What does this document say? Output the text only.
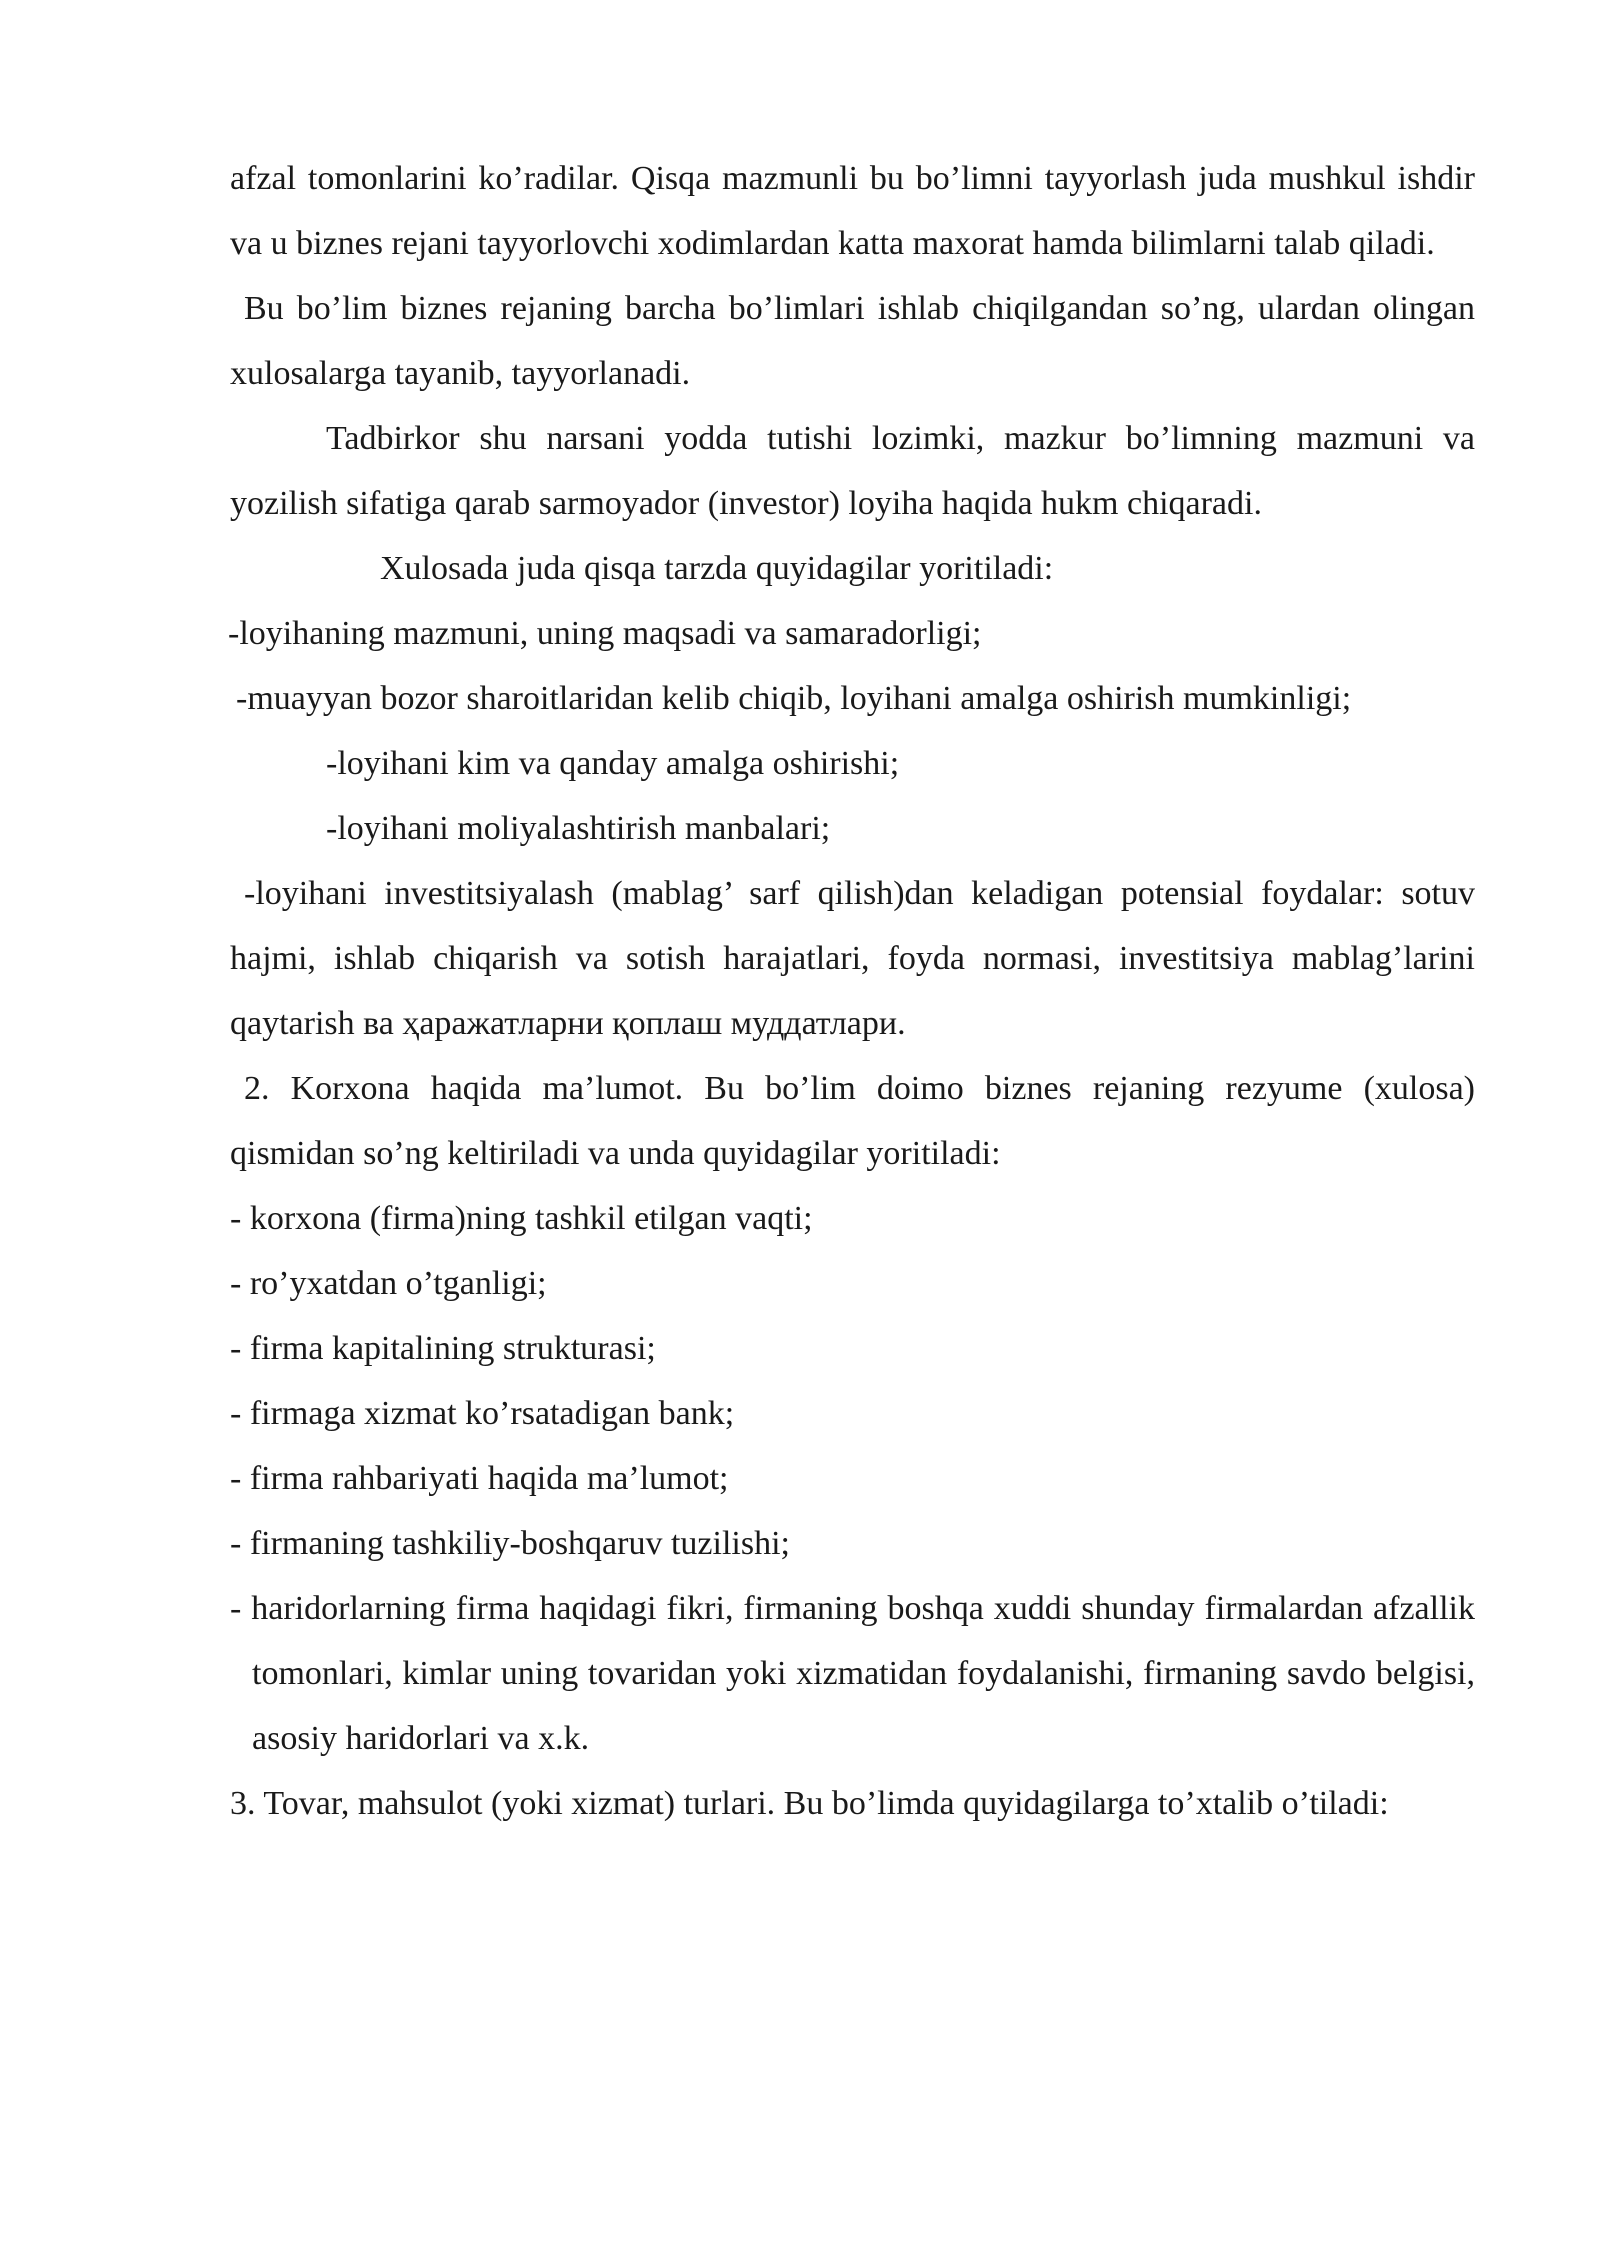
afzal tomonlarini ko’radilar. Qisqa mazmunli bu bo’limni tayyorlash juda mushkul ishdir va u biznes rejani tayyorlovchi xodimlardan katta maxorat hamda bilimlarni talab qiladi.

Bu bo’lim biznes rejaning barcha bo’limlari ishlab chiqilgandan so’ng, ulardan olingan xulosalarga tayanib, tayyorlanadi.

Tadbirkor shu narsani yodda tutishi lozimki, mazkur bo’limning mazmuni va yozilish sifatiga qarab sarmoyador (investor) loyiha haqida hukm chiqaradi.

Xulosada juda qisqa tarzda quyidagilar yoritiladi:

-loyihaning mazmuni, uning maqsadi va samaradorligi;

-muayyan bozor sharoitlaridan kelib chiqib, loyihani amalga oshirish mumkinligi;

-loyihani kim va qanday amalga oshirishi;

-loyihani moliyalashtirish manbalari;

-loyihani investitsiyalash (mablag’ sarf qilish)dan keladigan potensial foydalar: sotuv hajmi, ishlab chiqarish va sotish harajatlari, foyda normasi, investitsiya mablag’larini qaytarish ва ҳаражатларни қоплаш муддатлари.

2. Korxona haqida ma’lumot. Bu bo’lim doimo biznes rejaning rezyume (xulosa) qismidan so’ng keltiriladi va unda quyidagilar yoritiladi:

- korxona (firma)ning tashkil etilgan vaqti;

- ro’yxatdan o’tganligi;

- firma kapitalining strukturasi;

- firmaga xizmat ko’rsatadigan bank;

- firma rahbariyati haqida ma’lumot;

- firmaning tashkiliy-boshqaruv tuzilishi;

- haridorlarning firma haqidagi fikri, firmaning boshqa xuddi shunday firmalardan afzallik tomonlari, kimlar uning tovaridan yoki xizmatidan foydalanishi, firmaning savdo belgisi, asosiy haridorlari va x.k.

3. Tovar, mahsulot (yoki xizmat) turlari. Bu bo’limda quyidagilarga to’xtalib o’tiladi:
